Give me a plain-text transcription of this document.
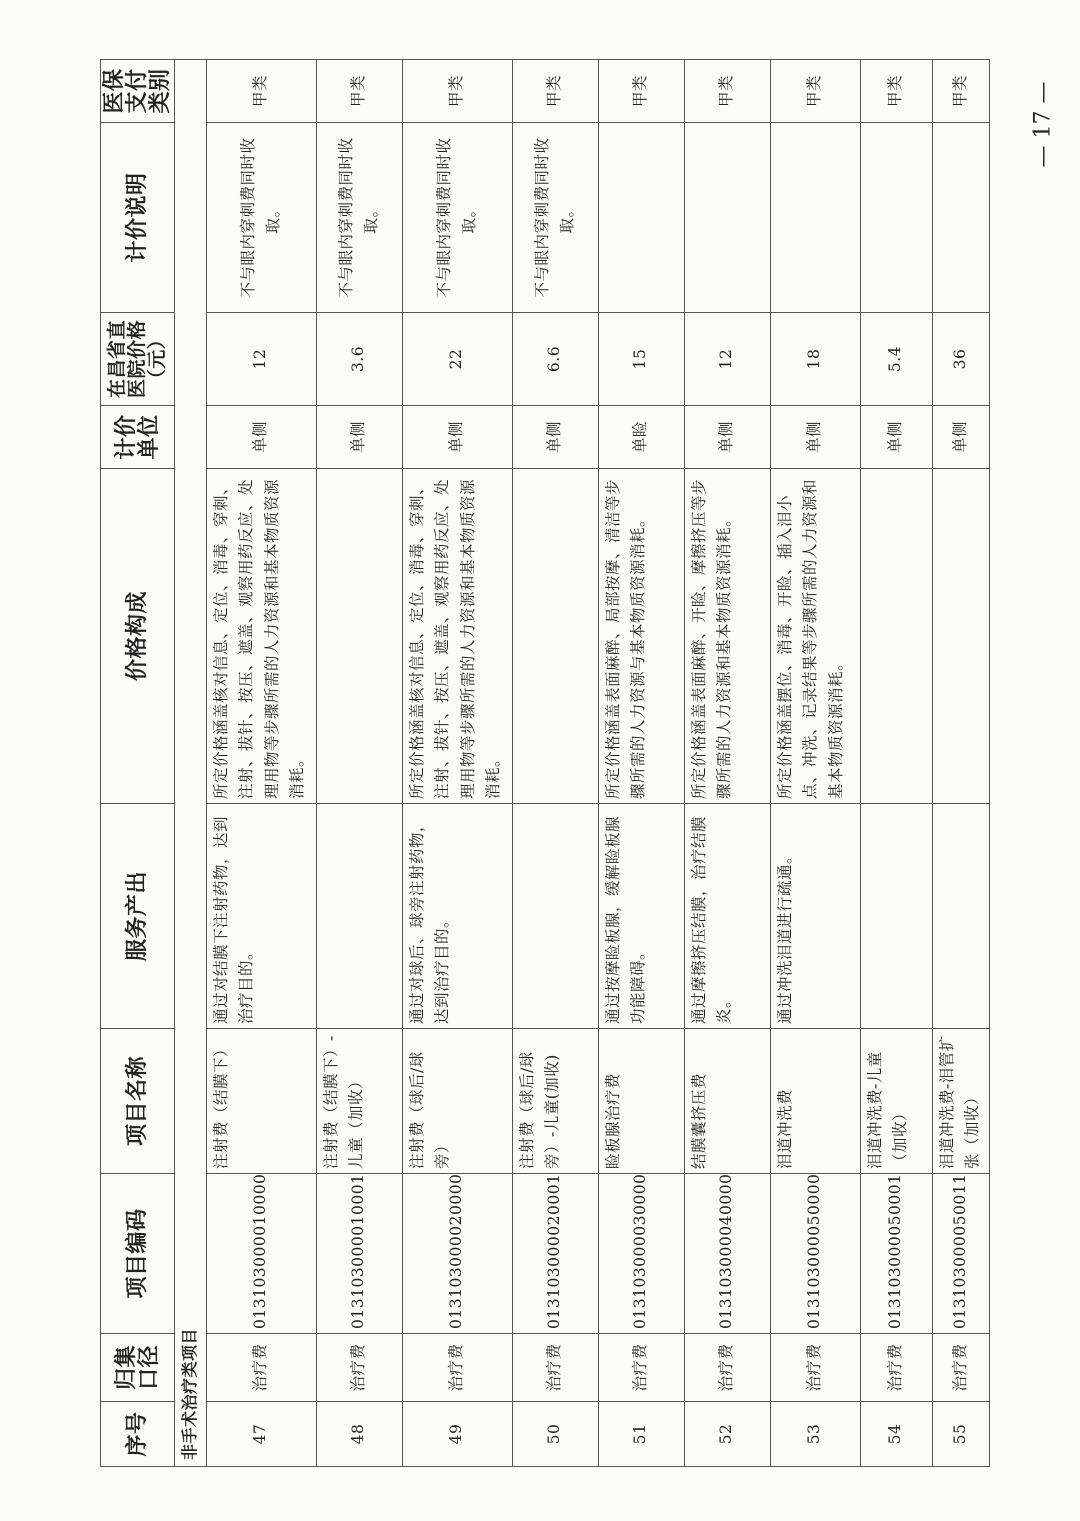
序号	归集口径	项目编码	项目名称	服务产出	价格构成	计价单位	在昌省直医院价格（元）	计价说明	医保支付类别
非手术治疗类项目									
47	治疗费	013103000010000	注射费（结膜下）	通过对结膜下注射药物，达到治疗目的。	所定价格涵盖核对信息、定位、消毒、穿刺、注射、拔针、按压、遮盖、观察用药反应、处理用物等步骤所需的人力资源和基本物质资源消耗。	单侧	12	不与眼内穿刺费同时收取。	甲类
48	治疗费	013103000010001	注射费（结膜下）-儿童（加收）			单侧	3.6	不与眼内穿刺费同时收取。	甲类
49	治疗费	013103000020000	注射费（球后/球旁）	通过对球后、球旁注射药物，达到治疗目的。	所定价格涵盖核对信息、定位、消毒、穿刺、注射、拔针、按压、遮盖、观察用药反应、处理用物等步骤所需的人力资源和基本物质资源消耗。	单侧	22	不与眼内穿刺费同时收取。	甲类
50	治疗费	013103000020001	注射费（球后/球旁）-儿童(加收)			单侧	6.6	不与眼内穿刺费同时收取。	甲类
51	治疗费	013103000030000	睑板腺治疗费	通过按摩睑板腺，缓解睑板腺功能障碍。	所定价格涵盖表面麻醉、局部按摩、清洁等步骤所需的人力资源与基本物质资源消耗。	单睑	15		甲类
52	治疗费	013103000040000	结膜囊挤压费	通过摩擦挤压结膜，治疗结膜炎。	所定价格涵盖表面麻醉、开睑、摩擦挤压等步骤所需的人力资源和基本物质资源消耗。	单侧	12		甲类
53	治疗费	013103000050000	泪道冲洗费	通过冲洗泪道进行疏通。	所定价格涵盖摆位、消毒、开睑、插入泪小点、冲洗、记录结果等步骤所需的人力资源和基本物质资源消耗。	单侧	18		甲类
54	治疗费	013103000050001	泪道冲洗费-儿童（加收）			单侧	5.4		甲类
55	治疗费	013103000050011	泪道冲洗费-泪管扩张（加收）			单侧	36		甲类	— 17 —
